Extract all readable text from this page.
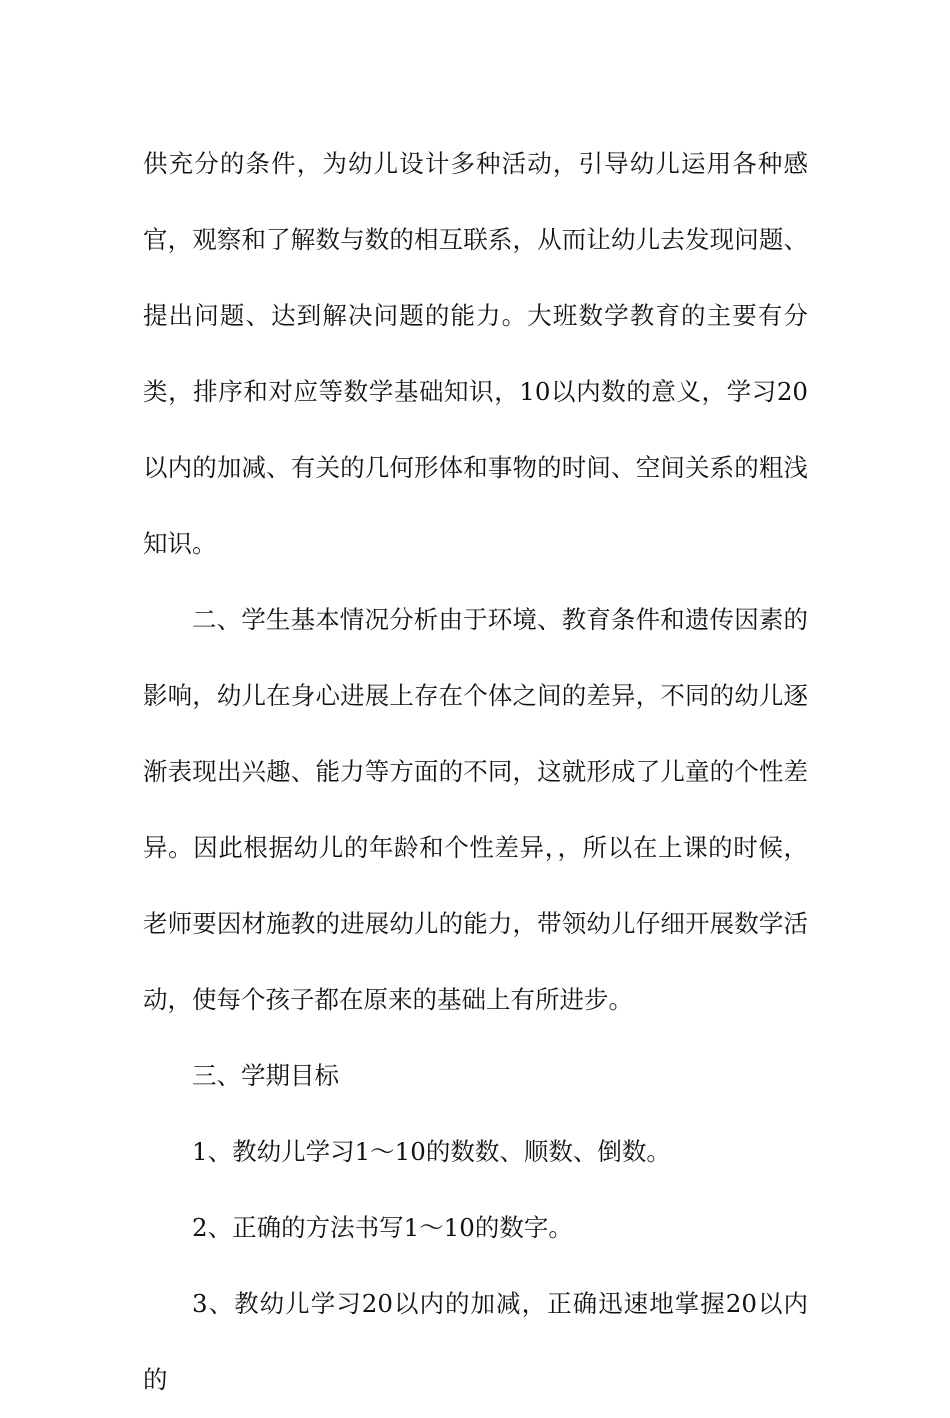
供充分的条件，为幼儿设计多种活动，引导幼儿运用各种感官，观察和了解数与数的相互联系，从而让幼儿去发现问题、提出问题、达到解决问题的能力。大班数学教育的主要有分类，排序和对应等数学基础知识，10以内数的意义，学习20以内的加减、有关的几何形体和事物的时间、空间关系的粗浅知识。

二、学生基本情况分析由于环境、教育条件和遗传因素的影响，幼儿在身心进展上存在个体之间的差异，不同的幼儿逐渐表现出兴趣、能力等方面的不同，这就形成了儿童的个性差异。因此根据幼儿的年龄和个性差异，，所以在上课的时候，老师要因材施教的进展幼儿的能力，带领幼儿仔细开展数学活动，使每个孩子都在原来的基础上有所进步。

三、学期目标

1、教幼儿学习1～10的数数、顺数、倒数。

2、正确的方法书写1～10的数字。

3、教幼儿学习20以内的加减，正确迅速地掌握20以内的
